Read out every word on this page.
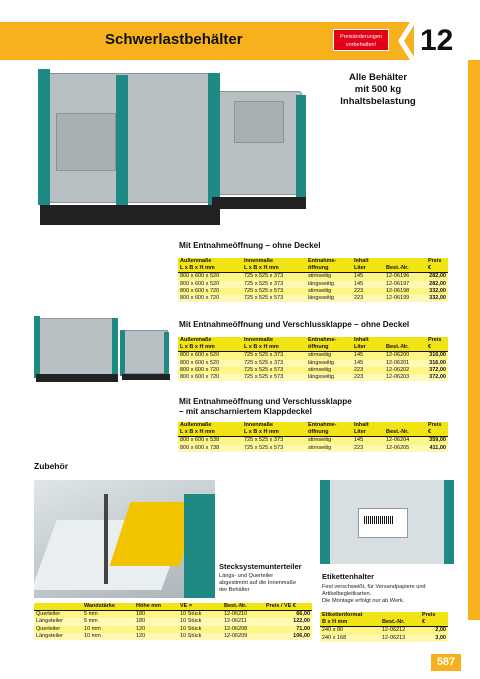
Schwerlastbehälter	Preisänderungen
vorbehalten!	12
Alle Behälter
mit 500 kg
Inhaltsbelastung
Mit Entnahmeöffnung – ohne Deckel
Außenmaße
L x B x H mm	Innenmaße
L x B x H mm	Entnahme-
öffnung	Inhalt
Liter	Best.-Nr.	Preis
€
800 x 600 x 520	725 x 525 x 373	stirnseitig	145	12-06196	282,00
800 x 600 x 520	725 x 525 x 373	längsseitig	145	12-06197	282,00
800 x 600 x 720	725 x 525 x 573	stirnseitig	223	12-06198	332,00
800 x 600 x 720	725 x 525 x 573	längsseitig	223	12-06199	332,00
Mit Entnahmeöffnung und Verschlussklappe – ohne Deckel
Außenmaße
L x B x H mm	Innenmaße
L x B x H mm	Entnahme-
öffnung	Inhalt
Liter	Best.-Nr.	Preis
€
800 x 600 x 520	725 x 525 x 373	stirnseitig	145	12-06200	316,00
800 x 600 x 520	725 x 525 x 373	längsseitig	145	12-06201	316,00
800 x 600 x 720	725 x 525 x 573	stirnseitig	223	12-06202	372,00
800 x 600 x 720	725 x 525 x 573	längsseitig	223	12-06203	372,00
Mit Entnahmeöffnung und Verschlussklappe
– mit anscharniertem Klappdeckel
Außenmaße
L x B x H mm	Innenmaße
L x B x H mm	Entnahme-
öffnung	Inhalt
Liter	Best.-Nr.	Preis
€
800 x 600 x 538	725 x 525 x 373	stirnseitig	145	12-06204	359,00
800 x 600 x 738	725 x 525 x 573	stirnseitig	223	12-06205	411,00
Zubehör
Stecksystemunterteiler
Längs- und Querteiler
abgestimmt auf die Innenmaße
der Behälter
	Wandstärke	Höhe mm	VE =	Best.-Nr.	Preis / VE €
Querteiler	5 mm	180	10 Stück	12-06210	66,00
Längsteiler	5 mm	180	10 Stück	12-06211	122,00
Querteiler	10 mm	120	10 Stück	12-06208	71,00
Längsteiler	10 mm	120	10 Stück	12-06209	106,00
Etikettenhalter
Fest verschweißt, für Versandpapiere und
Artikelbegleitkarten.
Die Montage erfolgt nur ab Werk.
Etikettenformat
B x H mm	Best.-Nr.	Preis
€
240 x 80	12-06212	2,00
240 x 168	12-06213	3,00
587
